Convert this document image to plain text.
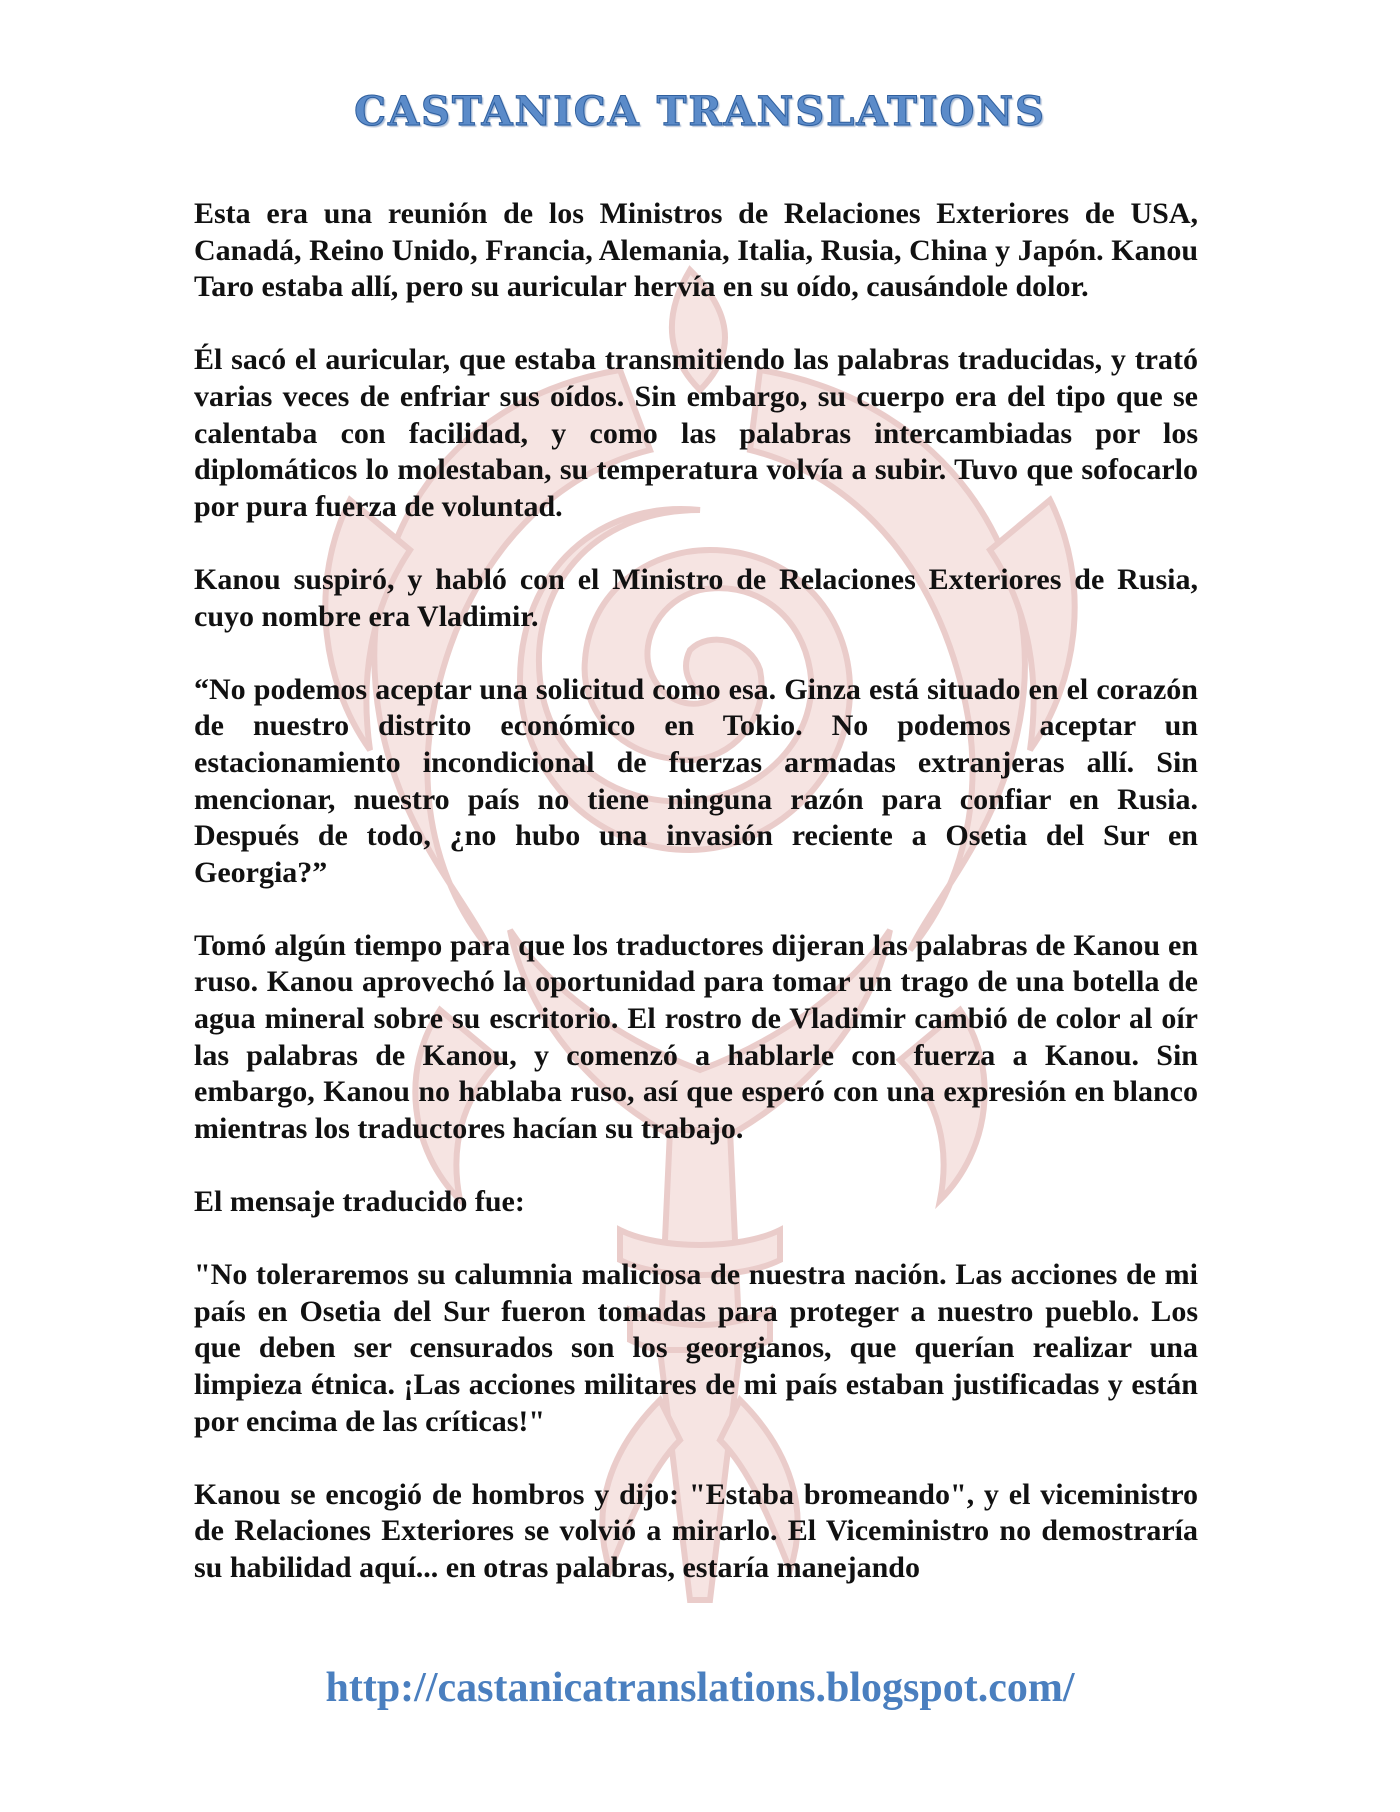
CASTANICA TRANSLATIONS

Esta era una reunión de los Ministros de Relaciones Exteriores de USA, Canadá, Reino Unido, Francia, Alemania, Italia, Rusia, China y Japón. Kanou Taro estaba allí, pero su auricular hervía en su oído, causándole dolor.

Él sacó el auricular, que estaba transmitiendo las palabras traducidas, y trató varias veces de enfriar sus oídos. Sin embargo, su cuerpo era del tipo que se calentaba con facilidad, y como las palabras intercambiadas por los diplomáticos lo molestaban, su temperatura volvía a subir. Tuvo que sofocarlo por pura fuerza de voluntad.

Kanou suspiró, y habló con el Ministro de Relaciones Exteriores de Rusia, cuyo nombre era Vladimir.

“No podemos aceptar una solicitud como esa. Ginza está situado en el corazón de nuestro distrito económico en Tokio. No podemos aceptar un estacionamiento incondicional de fuerzas armadas extranjeras allí. Sin mencionar, nuestro país no tiene ninguna razón para confiar en Rusia. Después de todo, ¿no hubo una invasión reciente a Osetia del Sur en Georgia?”

Tomó algún tiempo para que los traductores dijeran las palabras de Kanou en ruso. Kanou aprovechó la oportunidad para tomar un trago de una botella de agua mineral sobre su escritorio. El rostro de Vladimir cambió de color al oír las palabras de Kanou, y comenzó a hablarle con fuerza a Kanou. Sin embargo, Kanou no hablaba ruso, así que esperó con una expresión en blanco mientras los traductores hacían su trabajo.

El mensaje traducido fue:

"No toleraremos su calumnia maliciosa de nuestra nación. Las acciones de mi país en Osetia del Sur fueron tomadas para proteger a nuestro pueblo. Los que deben ser censurados son los georgianos, que querían realizar una limpieza étnica. ¡Las acciones militares de mi país estaban justificadas y están por encima de las críticas!"

Kanou se encogió de hombros y dijo: "Estaba bromeando", y el viceministro de Relaciones Exteriores se volvió a mirarlo. El Viceministro no demostraría su habilidad aquí... en otras palabras, estaría manejando

http://castanicatranslations.blogspot.com/
